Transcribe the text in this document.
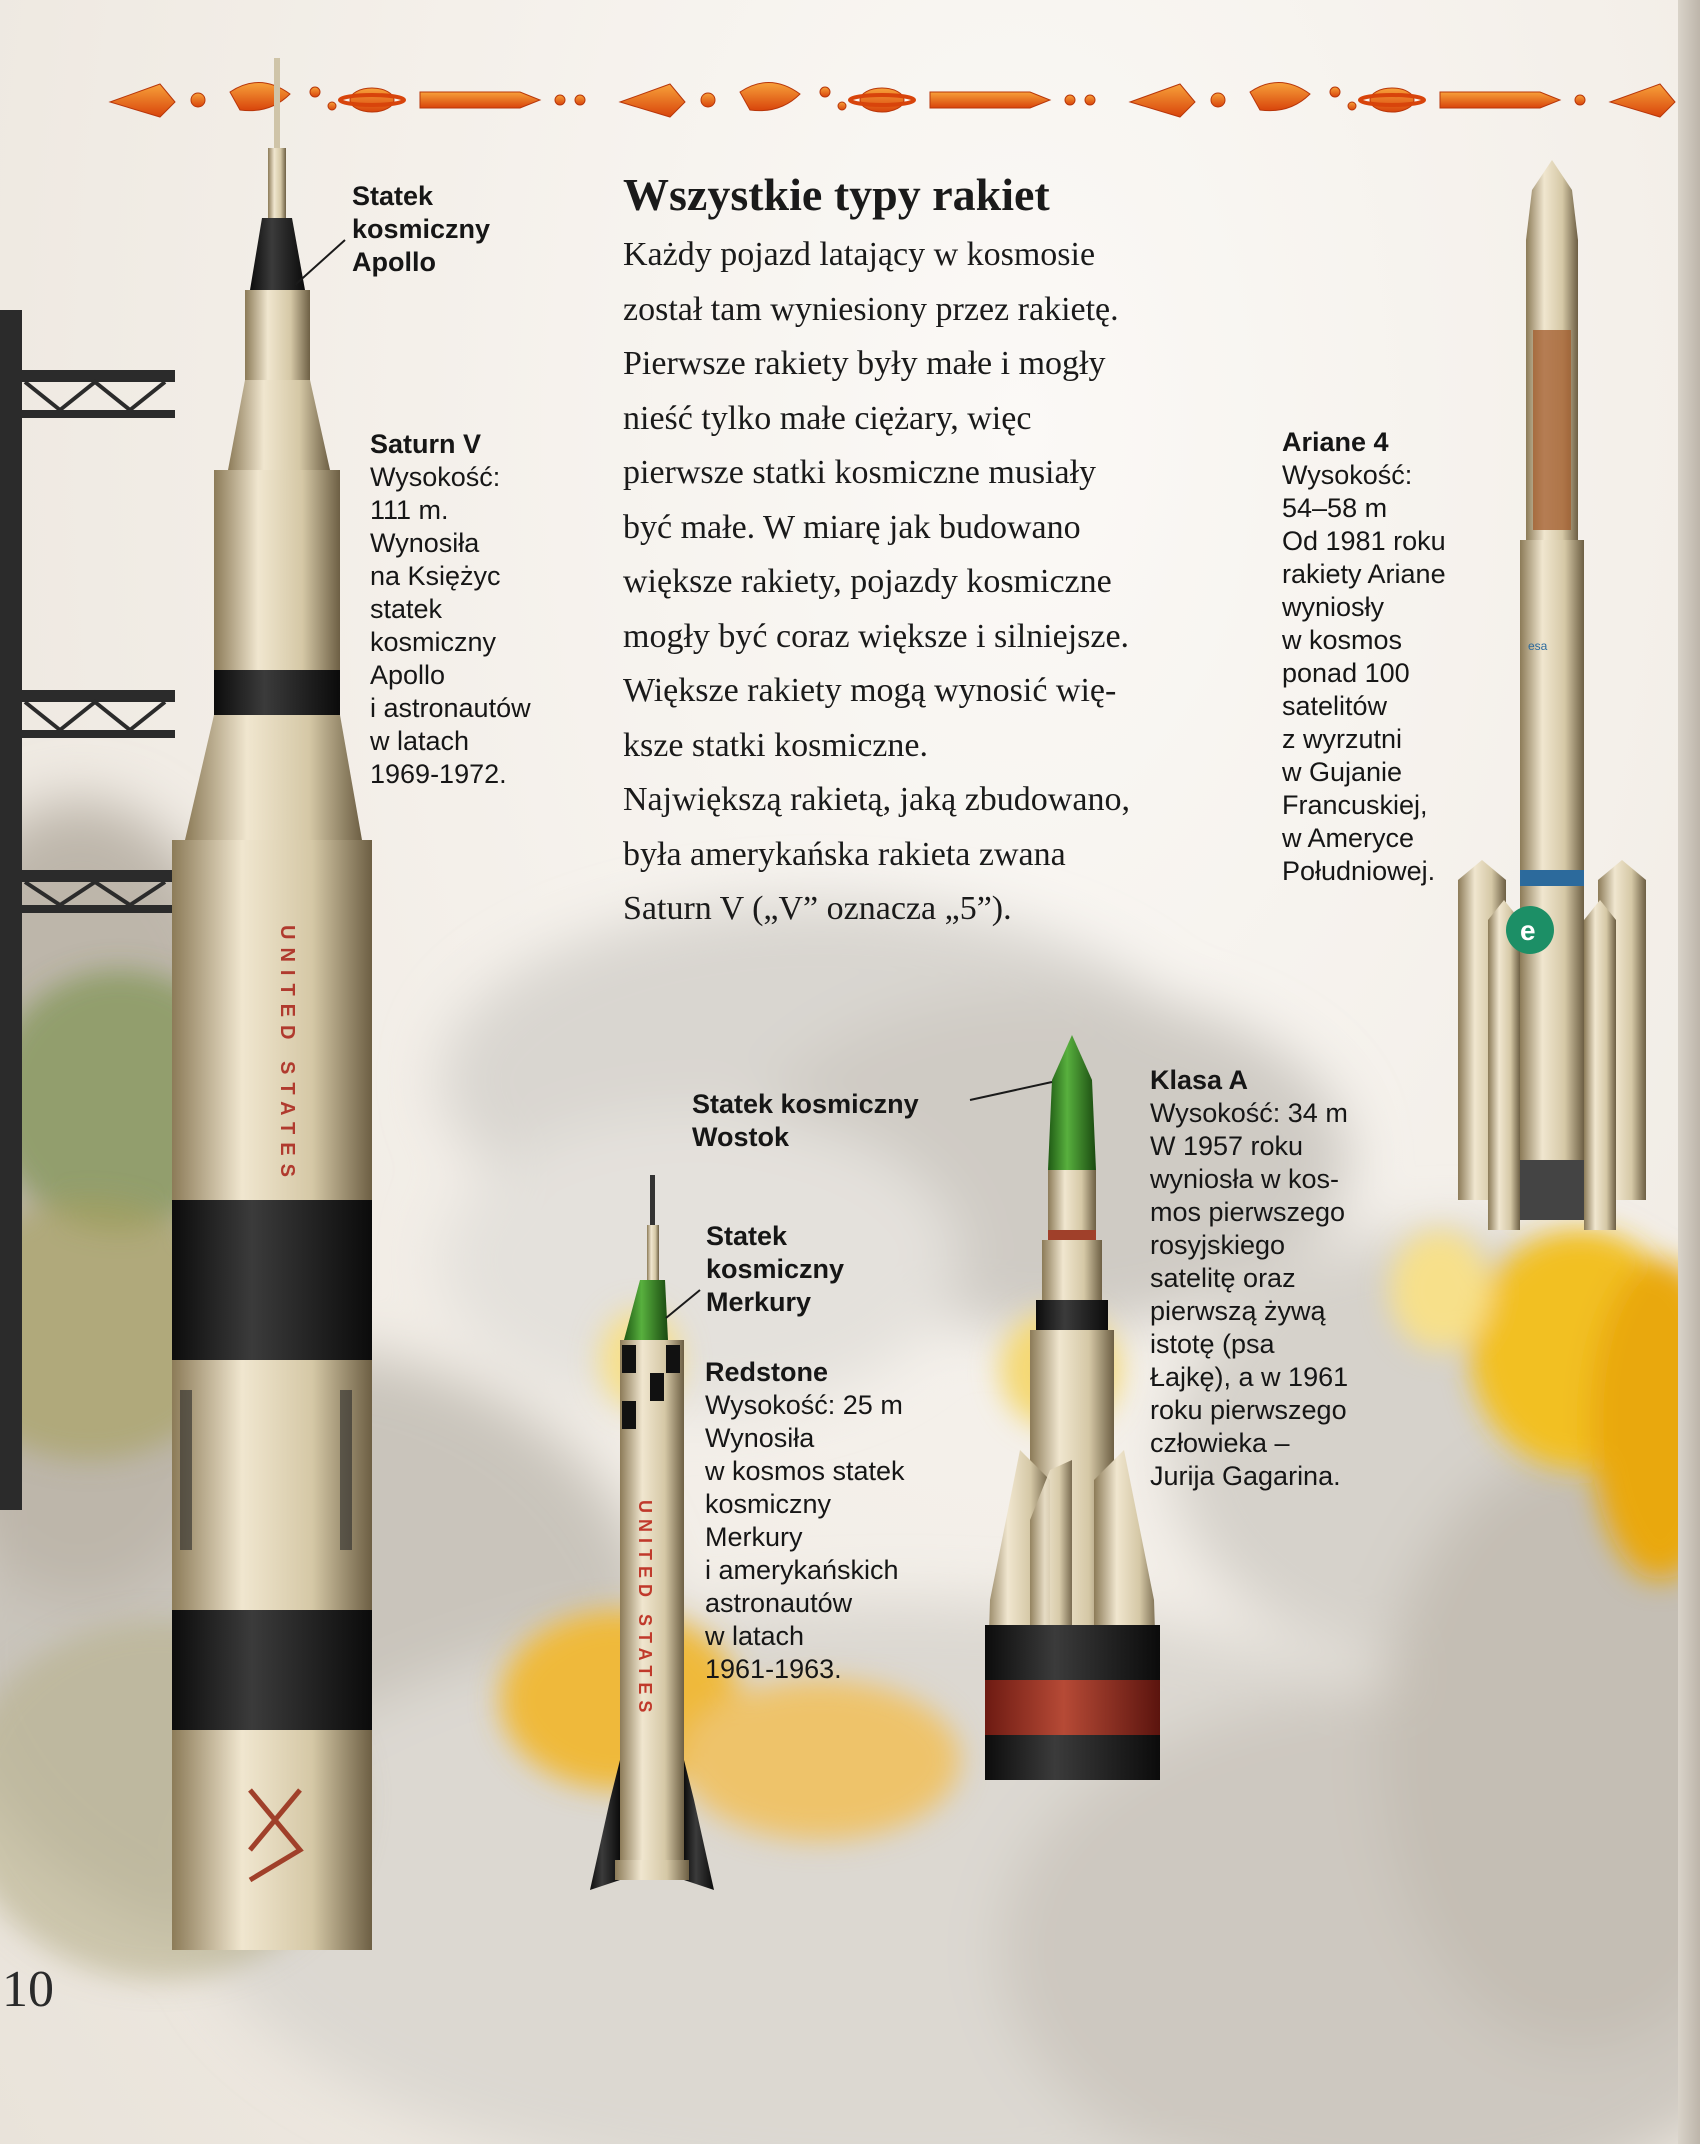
e
esa
UNITED STATES
UNITED STATES
Wszystkie typy rakiet
Każdy pojazd latający w kosmosie
został tam wyniesiony przez rakietę.
Pierwsze rakiety były małe i mogły
nieść tylko małe ciężary, więc
pierwsze statki kosmiczne musiały
być małe. W miarę jak budowano
większe rakiety, pojazdy kosmiczne
mogły być coraz większe i silniejsze.
Większe rakiety mogą wynosić wię-
ksze statki kosmiczne.
Największą rakietą, jaką zbudowano,
była amerykańska rakieta zwana
Saturn V („V” oznacza „5”).
Statek
kosmiczny
Apollo
Saturn V
Wysokość:
111 m.
Wynosiła
na Księżyc
statek
kosmiczny
Apollo
i astronautów
w latach
1969-1972.
Ariane 4
Wysokość:
54–58 m
Od 1981 roku
rakiety Ariane
wyniosły
w kosmos
ponad 100
satelitów
z wyrzutni
w Gujanie
Francuskiej,
w Ameryce
Południowej.
Statek kosmiczny
Wostok
Klasa A
Wysokość: 34 m
W 1957 roku
wyniosła w kos-
mos pierwszego
rosyjskiego
satelitę oraz
pierwszą żywą
istotę (psa
Łajkę), a w 1961
roku pierwszego
człowieka –
Jurija Gagarina.
Statek
kosmiczny
Merkury
Redstone
Wysokość: 25 m
Wynosiła
w kosmos statek
kosmiczny
Merkury
i amerykańskich
astronautów
w latach
1961-1963.
10
